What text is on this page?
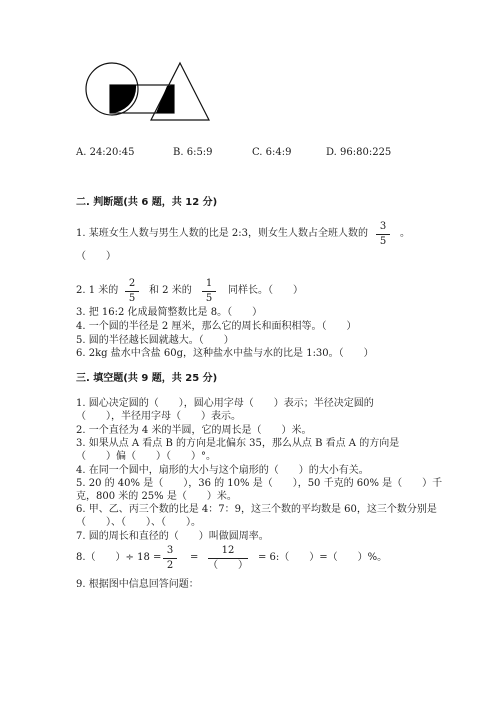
A. 24:20:45	B. 6:5:9	C. 6:4:9	D. 96:80:225
二. 判断题(共 6 题，共 12 分)
1. 某班女生人数与男生人数的比是 2:3，则女生人数占全班人数的
3
5
。
（　　）
2. 1 米的
2
5
和 2 米的
1
5
同样长。（　　）
3. 把 16:2 化成最简整数比是 8。（　　）
4. 一个圆的半径是 2 厘米，那么它的周长和面积相等。（　　）
5. 圆的半径越长圆就越大。（　　）
6. 2kg 盐水中含盐 60g，这种盐水中盐与水的比是 1:30。（　　）
三. 填空题(共 9 题，共 25 分)
1. 圆心决定圆的（　　），圆心用字母（　　）表示；半径决定圆的
（　　），半径用字母（　　）表示。
2. 一个直径为 4 米的半圆，它的周长是（　　）米。
3. 如果从点 A 看点 B 的方向是北偏东 35，那么从点 B 看点 A 的方向是
（　　）偏（　　）（　　）°。
4. 在同一个圆中，扇形的大小与这个扇形的（　　）的大小有关。
5. 20 的 40% 是（　　），36 的 10% 是（　　），50 千克的 60% 是（　　）千
克，800 米的 25% 是（　　）米。
6. 甲、乙、丙三个数的比是 4：7：9，这三个数的平均数是 60，这三个数分别是
（　　）、（　　）、（　　）。
7. 圆的周长和直径的（　　）叫做圆周率。
8.（　　）÷ 18 =
3
2
=
12
（　　）
= 6:（　　）=（　　）%。
9. 根据图中信息回答问题：
